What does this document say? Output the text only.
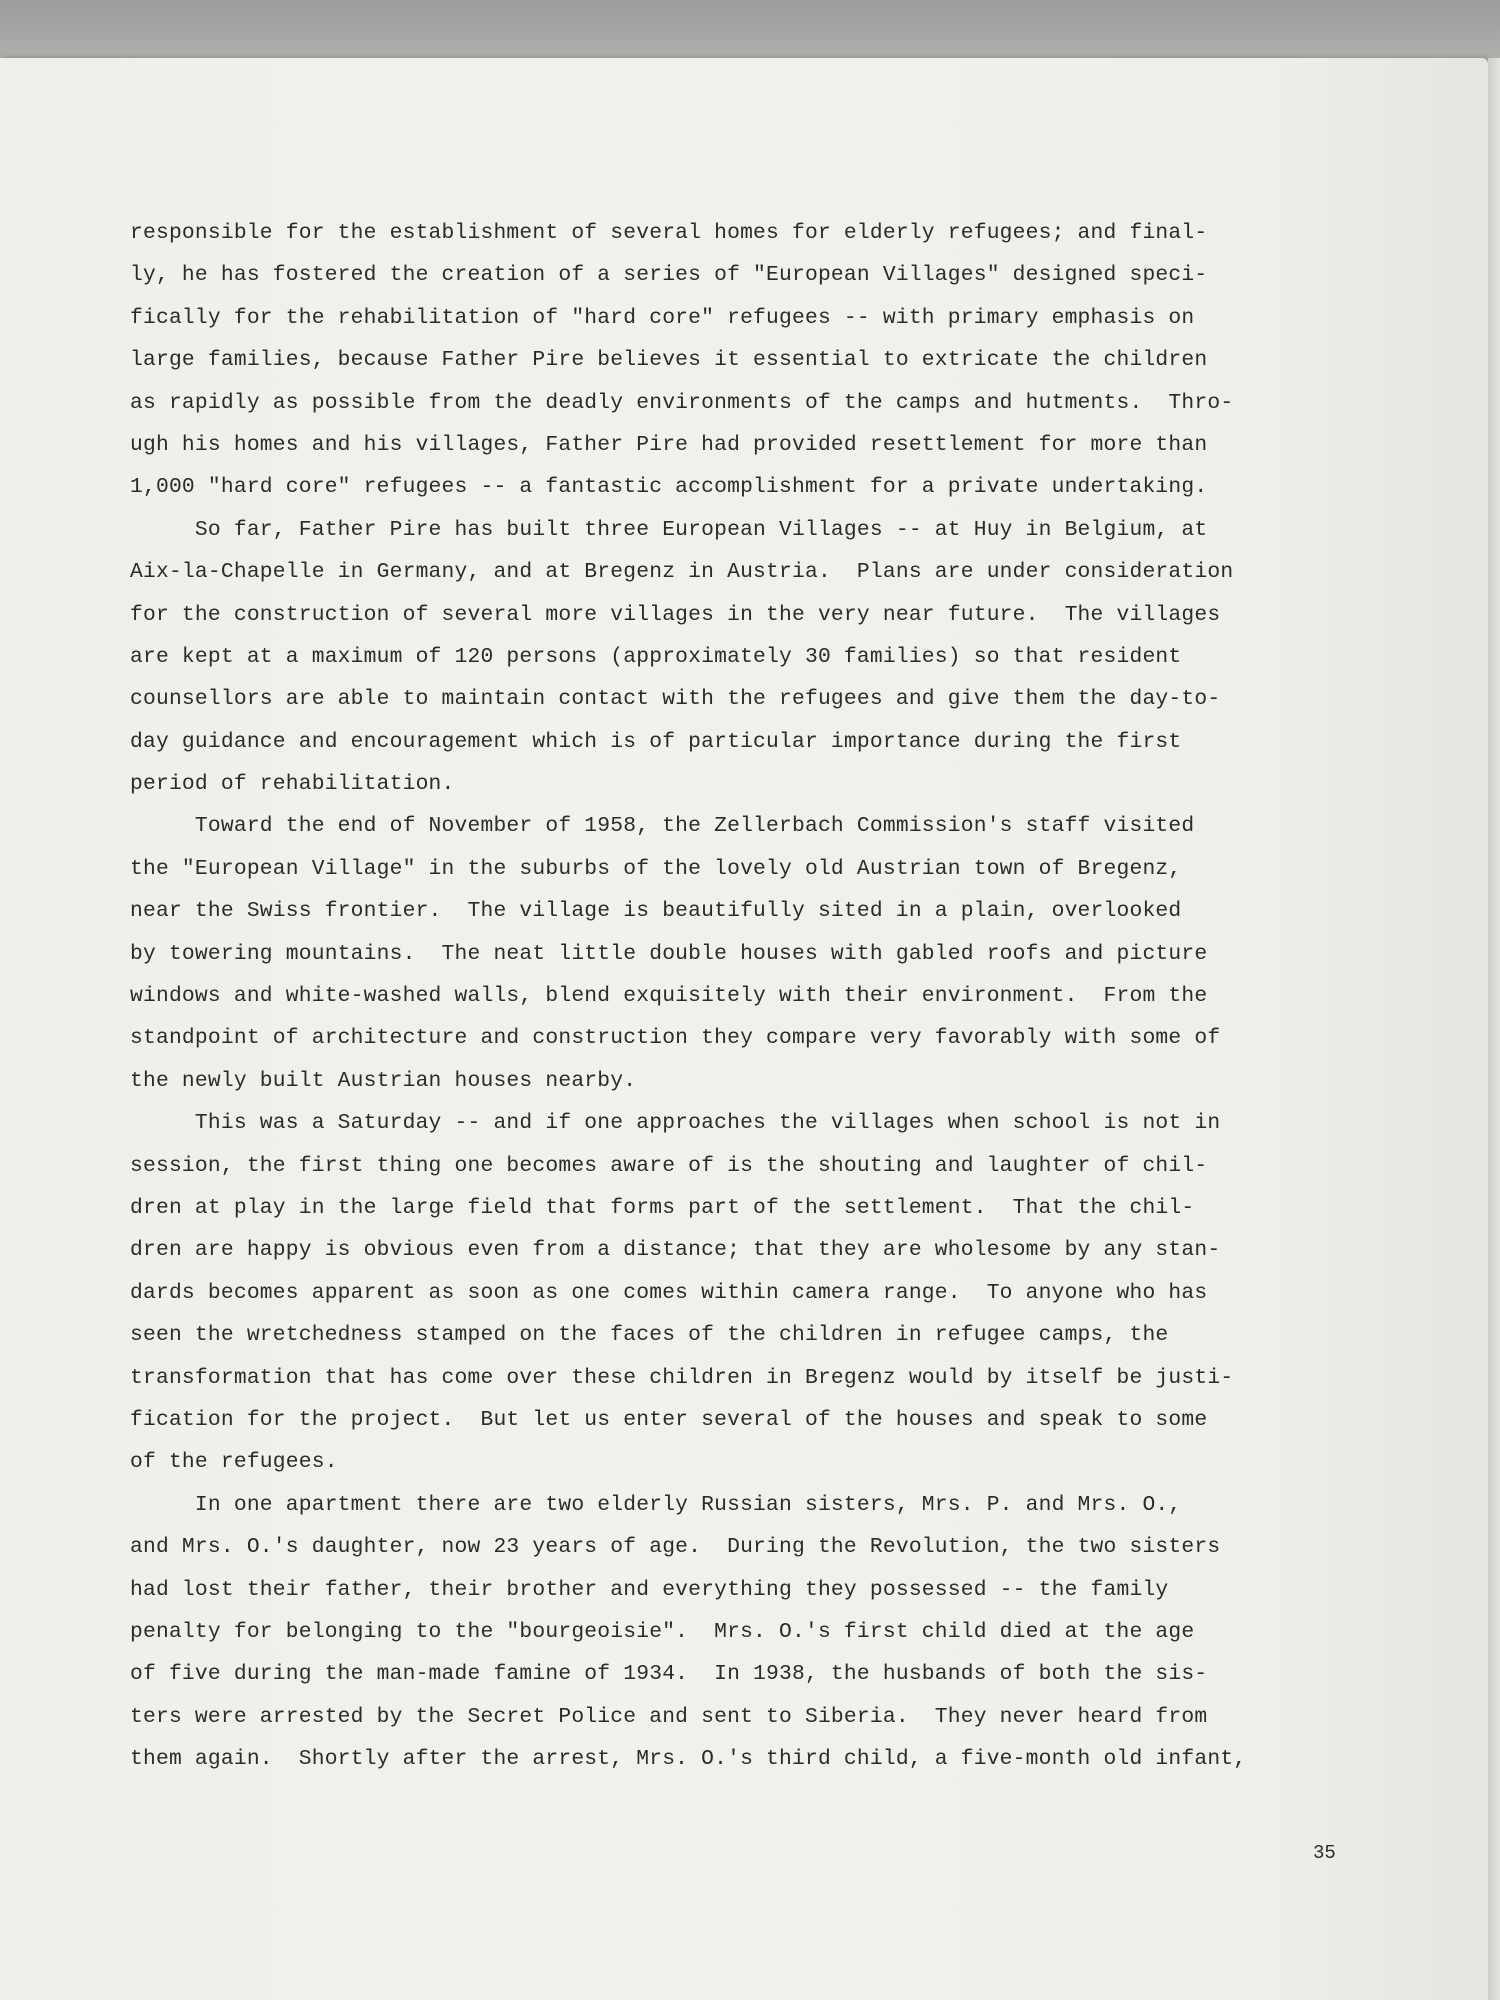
responsible for the establishment of several homes for elderly refugees; and final-
ly, he has fostered the creation of a series of "European Villages" designed speci-
fically for the rehabilitation of "hard core" refugees -- with primary emphasis on
large families, because Father Pire believes it essential to extricate the children
as rapidly as possible from the deadly environments of the camps and hutments.  Thro-
ugh his homes and his villages, Father Pire had provided resettlement for more than
1,000 "hard core" refugees -- a fantastic accomplishment for a private undertaking.
So far, Father Pire has built three European Villages -- at Huy in Belgium, at
Aix-la-Chapelle in Germany, and at Bregenz in Austria.  Plans are under consideration
for the construction of several more villages in the very near future.  The villages
are kept at a maximum of 120 persons (approximately 30 families) so that resident
counsellors are able to maintain contact with the refugees and give them the day-to-
day guidance and encouragement which is of particular importance during the first
period of rehabilitation.
Toward the end of November of 1958, the Zellerbach Commission's staff visited
the "European Village" in the suburbs of the lovely old Austrian town of Bregenz,
near the Swiss frontier.  The village is beautifully sited in a plain, overlooked
by towering mountains.  The neat little double houses with gabled roofs and picture
windows and white-washed walls, blend exquisitely with their environment.  From the
standpoint of architecture and construction they compare very favorably with some of
the newly built Austrian houses nearby.
This was a Saturday -- and if one approaches the villages when school is not in
session, the first thing one becomes aware of is the shouting and laughter of chil-
dren at play in the large field that forms part of the settlement.  That the chil-
dren are happy is obvious even from a distance; that they are wholesome by any stan-
dards becomes apparent as soon as one comes within camera range.  To anyone who has
seen the wretchedness stamped on the faces of the children in refugee camps, the
transformation that has come over these children in Bregenz would by itself be justi-
fication for the project.  But let us enter several of the houses and speak to some
of the refugees.
In one apartment there are two elderly Russian sisters, Mrs. P. and Mrs. O.,
and Mrs. O.'s daughter, now 23 years of age.  During the Revolution, the two sisters
had lost their father, their brother and everything they possessed -- the family
penalty for belonging to the "bourgeoisie".  Mrs. O.'s first child died at the age
of five during the man-made famine of 1934.  In 1938, the husbands of both the sis-
ters were arrested by the Secret Police and sent to Siberia.  They never heard from
them again.  Shortly after the arrest, Mrs. O.'s third child, a five-month old infant,
35
